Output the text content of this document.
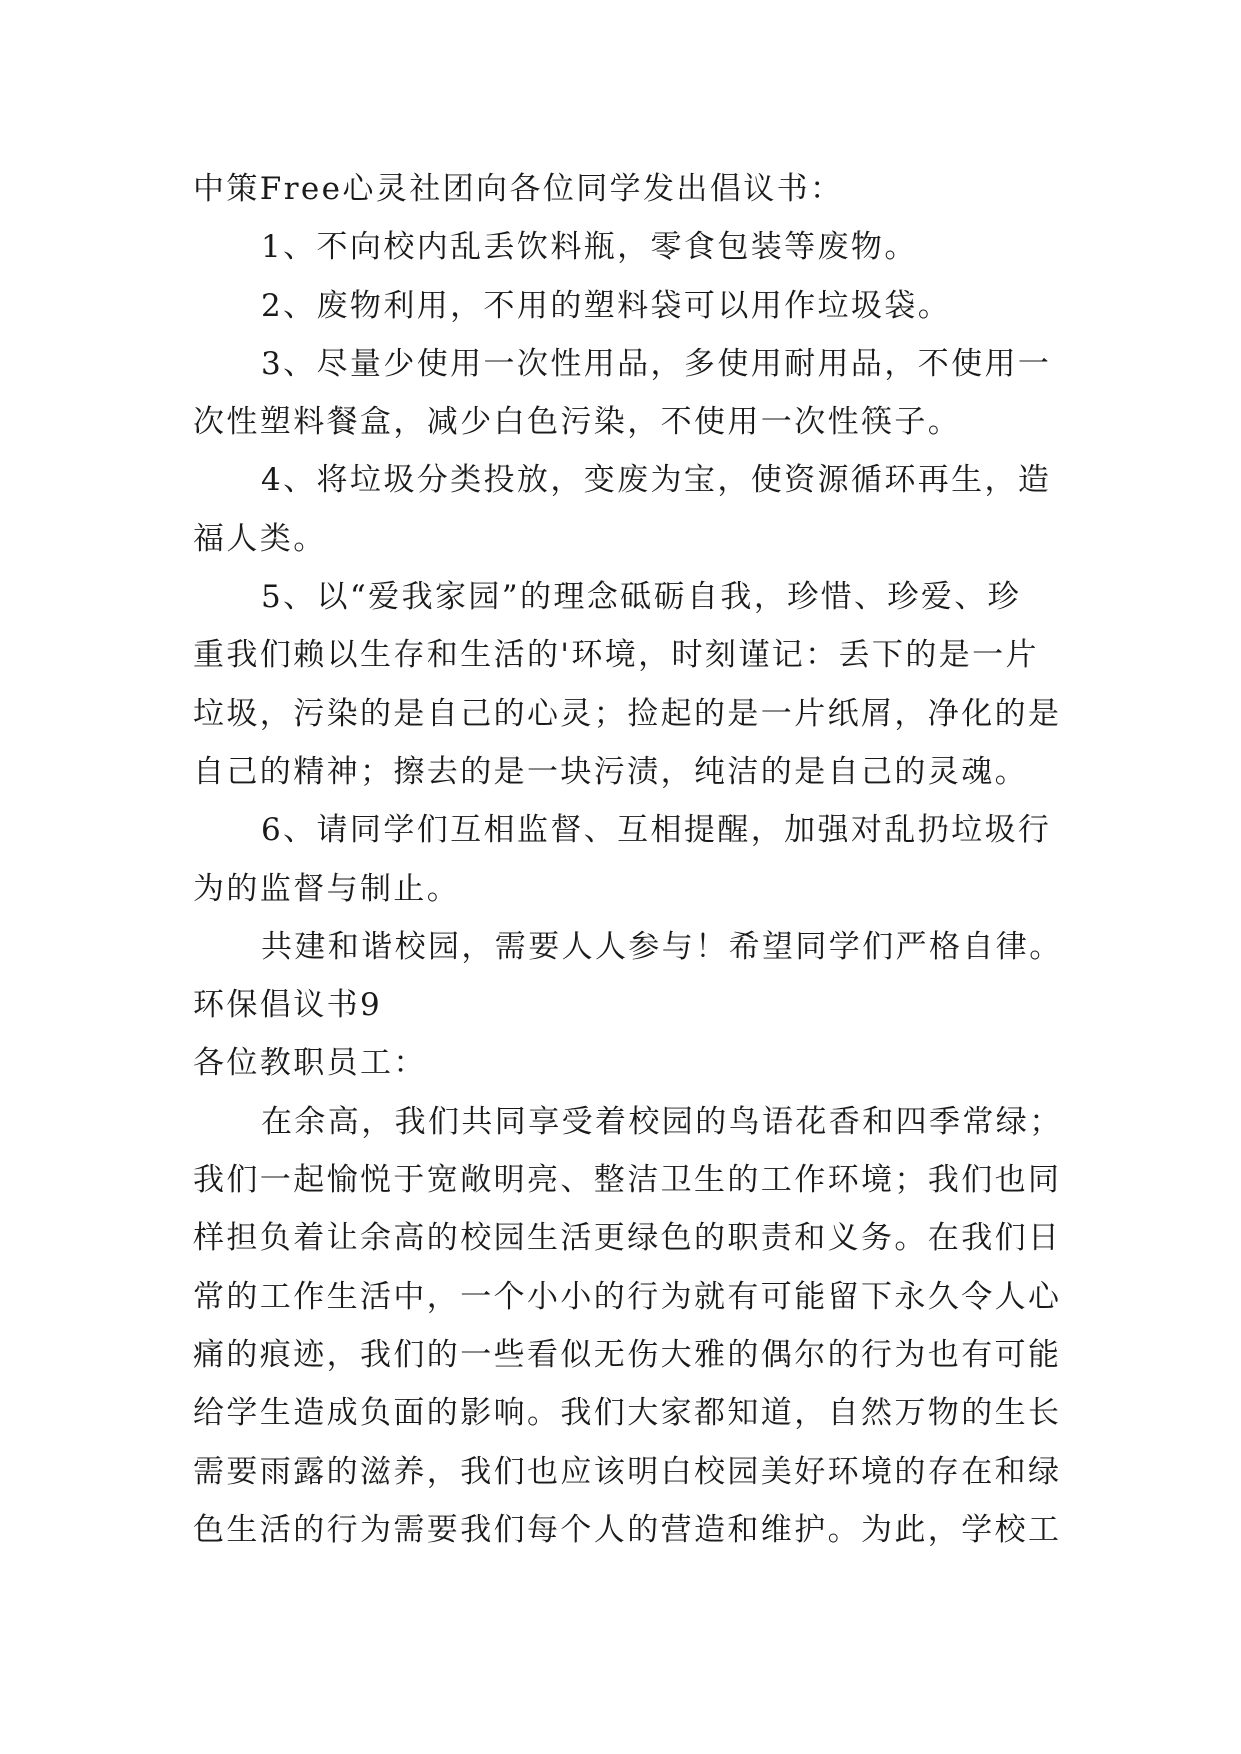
中策Free心灵社团向各位同学发出倡议书：
1、不向校内乱丢饮料瓶，零食包装等废物。
2、废物利用，不用的塑料袋可以用作垃圾袋。
3、尽量少使用一次性用品，多使用耐用品，不使用一
次性塑料餐盒，减少白色污染，不使用一次性筷子。
4、将垃圾分类投放，变废为宝，使资源循环再生，造
福人类。
5、以“爱我家园”的理念砥砺自我，珍惜、珍爱、珍
重我们赖以生存和生活的'环境，时刻谨记：丢下的是一片
垃圾，污染的是自己的心灵；捡起的是一片纸屑，净化的是
自己的精神；擦去的是一块污渍，纯洁的是自己的灵魂。
6、请同学们互相监督、互相提醒，加强对乱扔垃圾行
为的监督与制止。
共建和谐校园，需要人人参与！希望同学们严格自律。
环保倡议书9
各位教职员工：
在余高，我们共同享受着校园的鸟语花香和四季常绿；
我们一起愉悦于宽敞明亮、整洁卫生的工作环境；我们也同
样担负着让余高的校园生活更绿色的职责和义务。在我们日
常的工作生活中，一个小小的行为就有可能留下永久令人心
痛的痕迹，我们的一些看似无伤大雅的偶尔的行为也有可能
给学生造成负面的影响。我们大家都知道，自然万物的生长
需要雨露的滋养，我们也应该明白校园美好环境的存在和绿
色生活的行为需要我们每个人的营造和维护。为此，学校工
